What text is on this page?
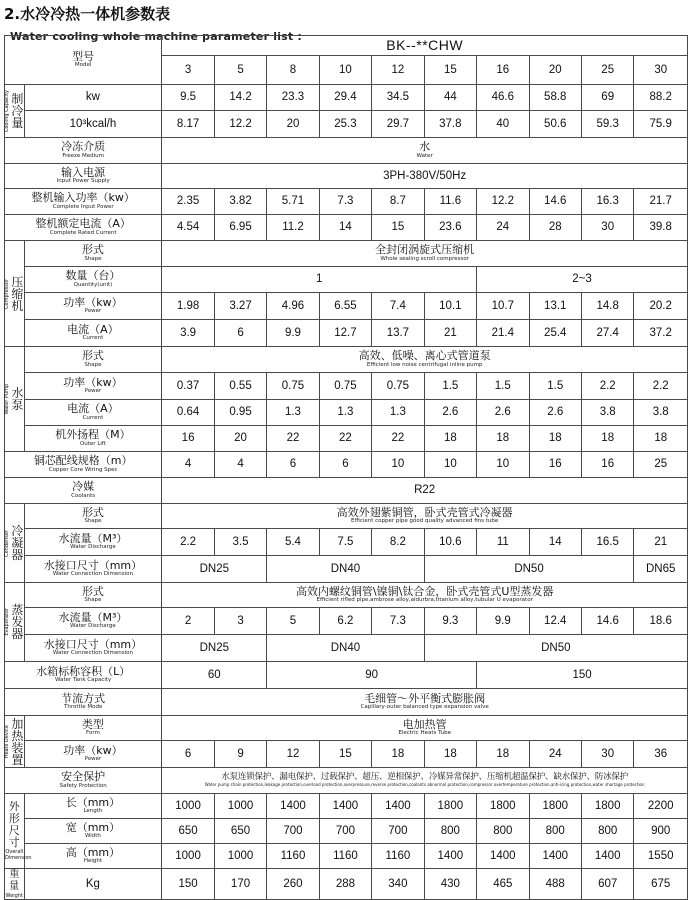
2.水冷冷热一体机参数表
Water cooling whole machine parameter list :
型号
Model		BK--**CHW									
		3	5	8	10	12	15	16	20	25	30

Cooling Capacity 制冷量	kw	9.5	14.2	23.3	29.4	34.5	44	46.6	58.8	69	88.2
	10³kcal/h	8.17	12.2	20	25.3	29.7	37.8	40	50.6	59.3	75.9

冷冻介质
Freeze Medium		水
Water									

输入电源
Input Power Supply		3PH-380V/50Hz									

整机输入功率（kw）
Complete Input Power		2.35	3.82	5.71	7.3	8.7	11.6	12.2	14.6	16.3	21.7

整机额定电流（A）
Complete Rated Current		4.54	6.95	11.2	14	15	23.6	24	28	30	39.8

Compressor 压缩机	形式
Shape	全封闭涡旋式压缩机
Whole sealing scroll compressor									

	数量（台）
Quantity(unit)	1						2~3			

	功率（kw）
Power	1.98	3.27	4.96	6.55	7.4	10.1	10.7	13.1	14.8	20.2

	电流（A）
Current	3.9	6	9.9	12.7	13.7	21	21.4	25.4	27.4	37.2

Water Pump 水泵	形式
Shape	高效、低噪、离心式管道泵
Efficient low noise centrifugal inline pump									

	功率（kw）
Power	0.37	0.55	0.75	0.75	0.75	1.5	1.5	1.5	2.2	2.2

	电流（A）
Current	0.64	0.95	1.3	1.3	1.3	2.6	2.6	2.6	3.8	3.8

	机外扬程（M）
Outer Lift	16	20	22	22	22	18	18	18	18	18

铜芯配线规格（m）
Copper Core Wiring Spec		4	4	6	6	10	10	10	16	16	25

冷媒
Coolants		R22									

Condenser 冷凝器	形式
Shape	高效外翅紫铜管，卧式壳管式冷凝器
Efficient copper pipe good quality advanced fins tube									

	水流量（M³）
Water Discharge	2.2	3.5	5.4	7.5	8.2	10.6	11	14	16.5	21

	水接口尺寸（mm）
Water Connection Dimension	DN25		DN40			DN50				DN65

Evaporator 蒸发器	形式
Shape	高效内螺纹铜管\镍铜\钛合金，卧式壳管式U型蒸发器
Efficient rifled pipe,ambrose alloy,aldurbra,titanium alloy,tubular U evaporator									

	水流量（M³）
Water Discharge	2	3	5	6.2	7.3	9.3	9.9	12.4	14.6	18.6

	水接口尺寸（mm）
Water Connection Dimension	DN25		DN40			DN50				

水箱标称容积（L）
Water Tank Capacity		60		90				150			

节流方式
Throttle Mode		毛细管～外平衡式膨胀阀
Capillary-outer balanced type expansion valve									

Heats Device
加热装置	类型
Form	电加热管
Electric Heats Tube									

	功率（kw）
Power	6	9	12	15	18	18	18	24	30	36

安全保护
Safety Protection		水泵连锁保护、漏电保护、过载保护、超压、逆相保护、冷媒异常保护、压缩机超温保护、缺水保护、防冰保护
Water pump chain protection,leakage protection,overload protection,overpressure,reverse protection,coolants abnormal protection,compressor overtemperature protection,anti-icing protection,water shortage protection									

外形尺寸
Overall Dimension	长（mm）
Length	1000	1000	1400	1400	1400	1800	1800	1800	1800	2200

	宽（mm）
Width	650	650	700	700	700	800	800	800	800	900

	高（mm）
Height	1000	1000	1160	1160	1160	1400	1400	1400	1400	1550

重量
Weight	Kg	150	170	260	288	340	430	465	488	607	675
